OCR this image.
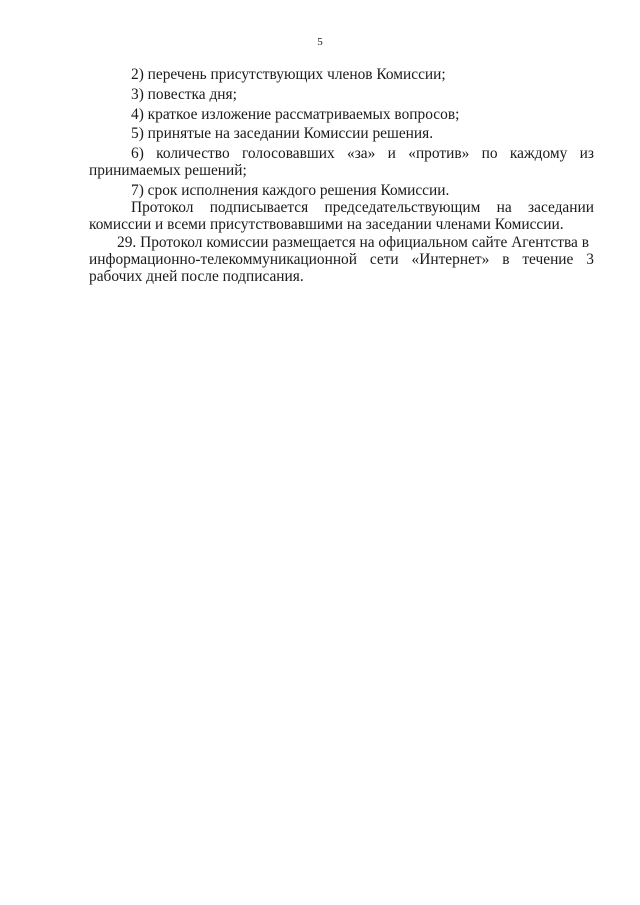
5
2) перечень присутствующих членов Комиссии;
3) повестка дня;
4) краткое изложение рассматриваемых вопросов;
5) принятые на заседании Комиссии решения.
6) количество голосовавших «за» и «против» по каждому из
принимаемых решений;
7) срок исполнения каждого решения Комиссии.
Протокол подписывается председательствующим на заседании
комиссии и всеми присутствовавшими на заседании членами Комиссии.
29. Протокол комиссии размещается на официальном сайте Агентства в
информационно-телекоммуникационной сети «Интернет» в течение 3
рабочих дней после подписания.
